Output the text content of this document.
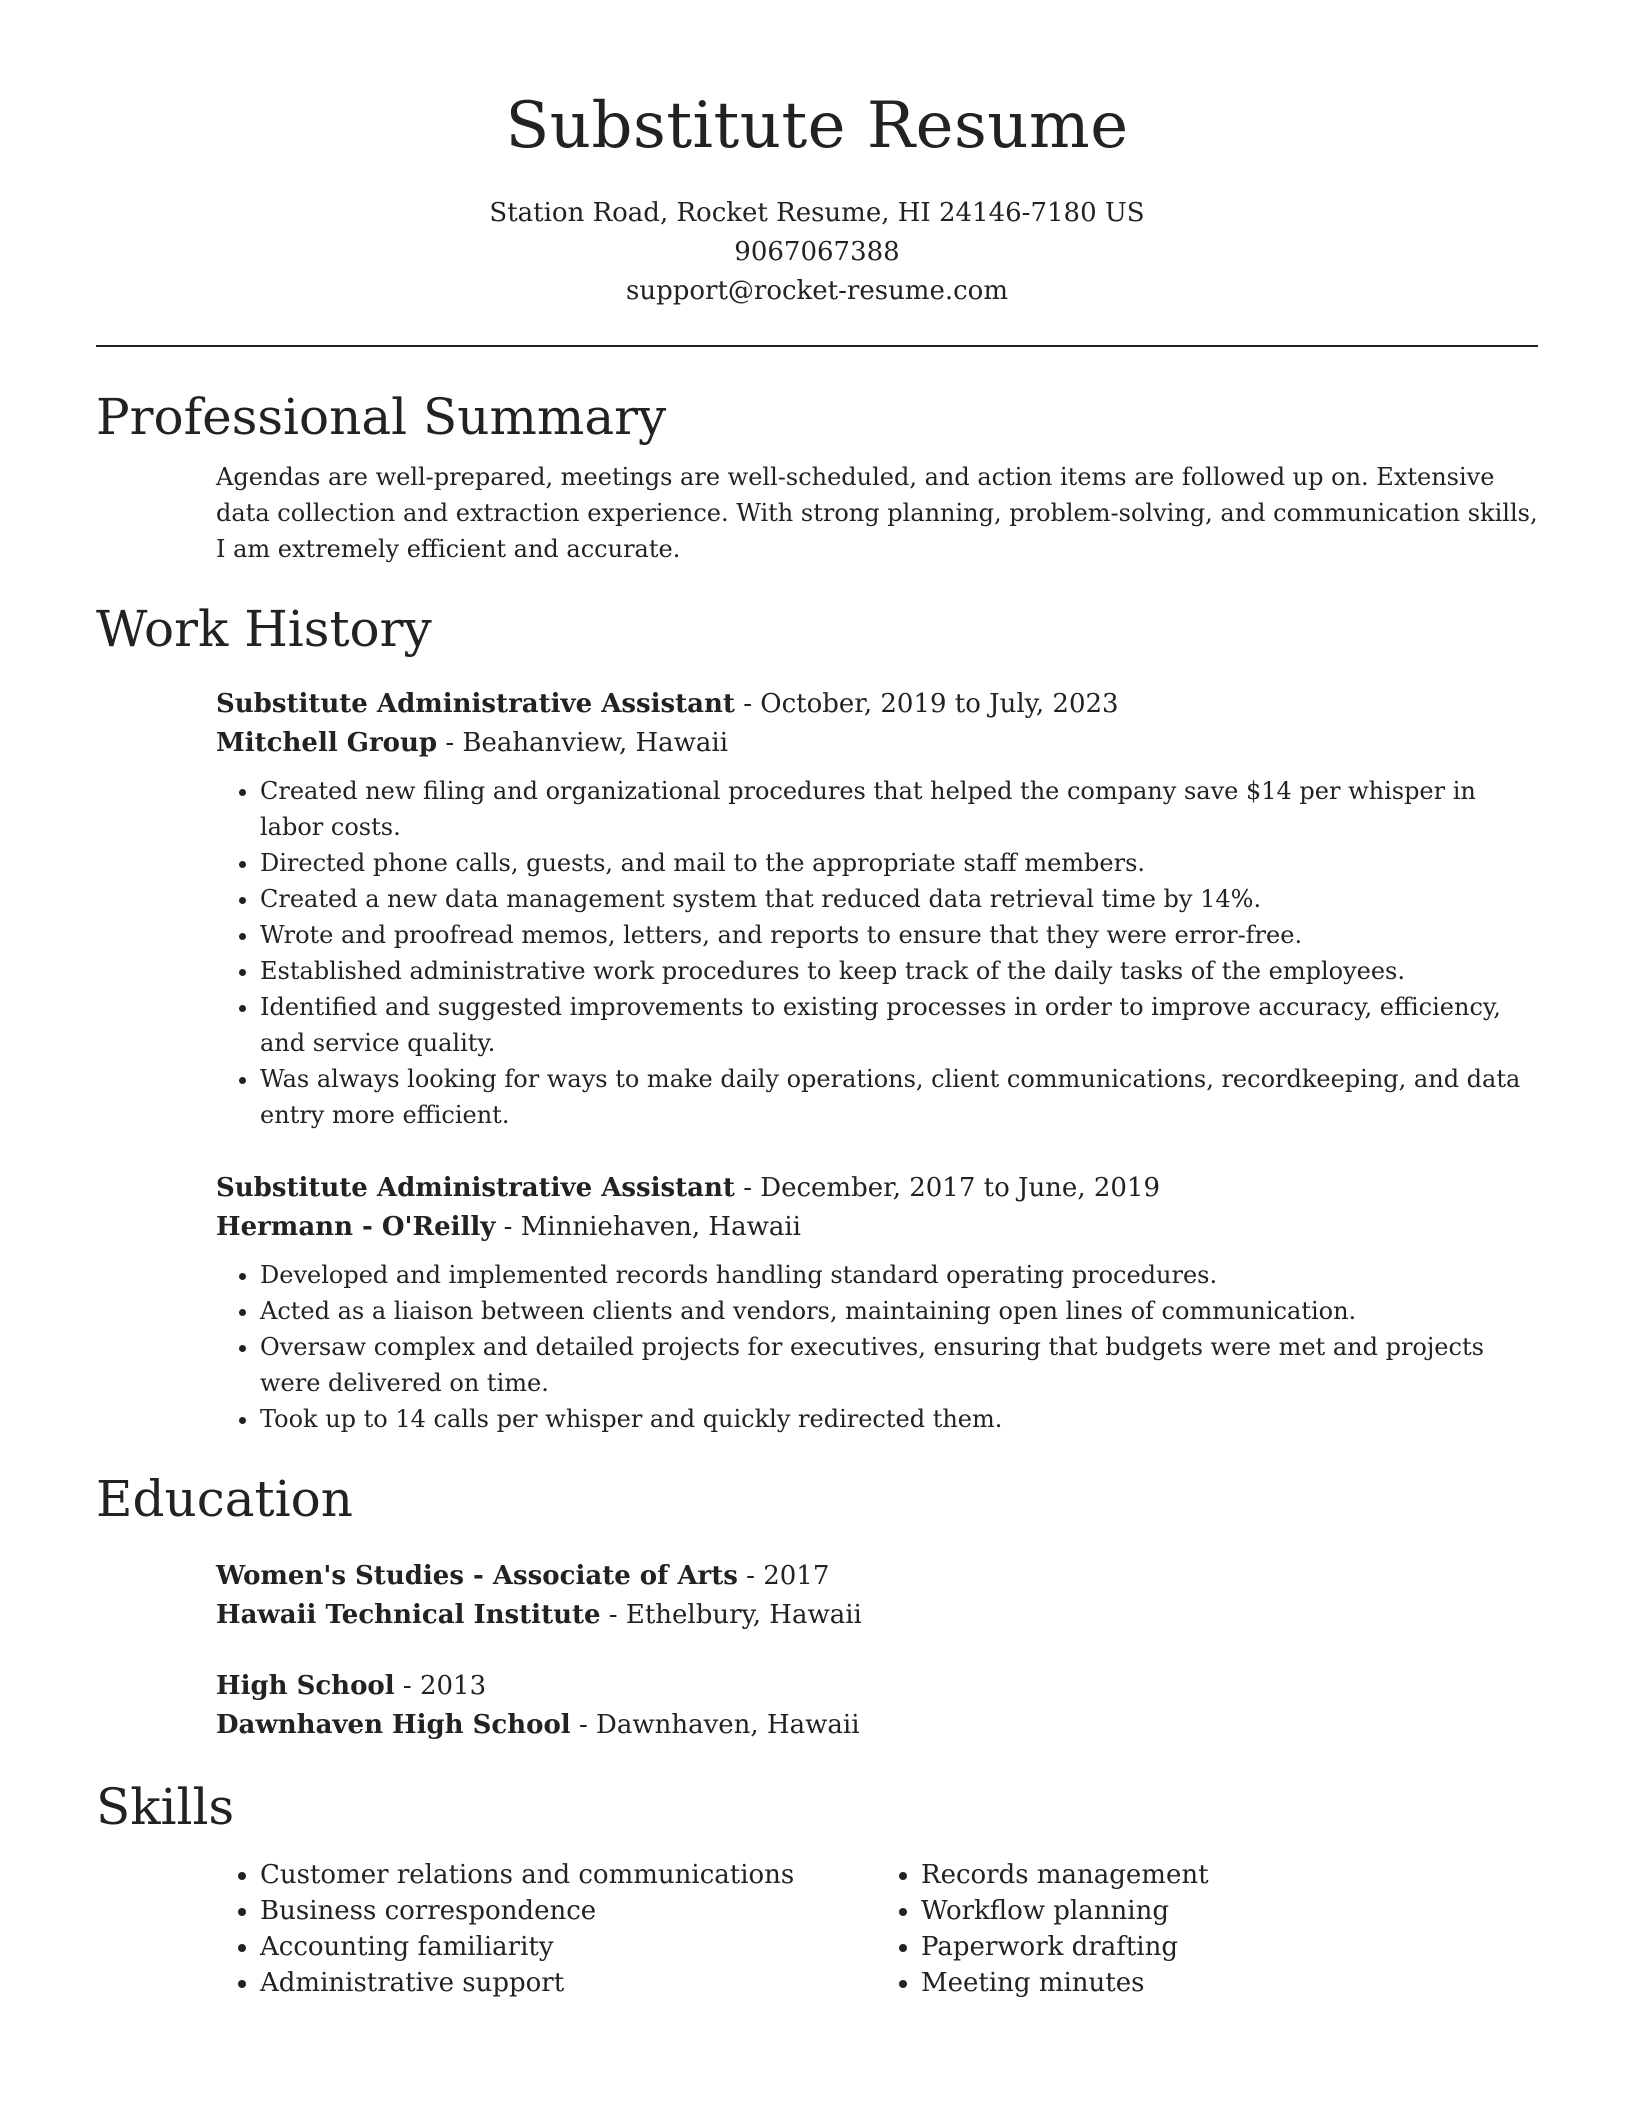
Substitute Resume

Station Road, Rocket Resume, HI 24146-7180 US

9067067388

support@rocket-resume.com

Professional Summary
Agendas are well-prepared, meetings are well-scheduled, and action items are followed up on. Extensive data collection and extraction experience. With strong planning, problem-solving, and communication skills, I am extremely efficient and accurate.
Work History
Substitute Administrative Assistant - October, 2019 to July, 2023
Mitchell Group - Beahanview, Hawaii
• Created new filing and organizational procedures that helped the company save $14 per whisper in labor costs.
• Directed phone calls, guests, and mail to the appropriate staff members.
• Created a new data management system that reduced data retrieval time by 14%.
• Wrote and proofread memos, letters, and reports to ensure that they were error-free.
• Established administrative work procedures to keep track of the daily tasks of the employees.
• Identified and suggested improvements to existing processes in order to improve accuracy, efficiency, and service quality.
• Was always looking for ways to make daily operations, client communications, recordkeeping, and data entry more efficient.
Substitute Administrative Assistant - December, 2017 to June, 2019
Hermann - O'Reilly - Minniehaven, Hawaii
• Developed and implemented records handling standard operating procedures.
• Acted as a liaison between clients and vendors, maintaining open lines of communication.
• Oversaw complex and detailed projects for executives, ensuring that budgets were met and projects were delivered on time.
• Took up to 14 calls per whisper and quickly redirected them.
Education
Women's Studies - Associate of Arts - 2017
Hawaii Technical Institute - Ethelbury, Hawaii
High School - 2013
Dawnhaven High School - Dawnhaven, Hawaii
Skills
• Customer relations and communications
• Business correspondence
• Accounting familiarity
• Administrative support
• Records management
• Workflow planning
• Paperwork drafting
• Meeting minutes
